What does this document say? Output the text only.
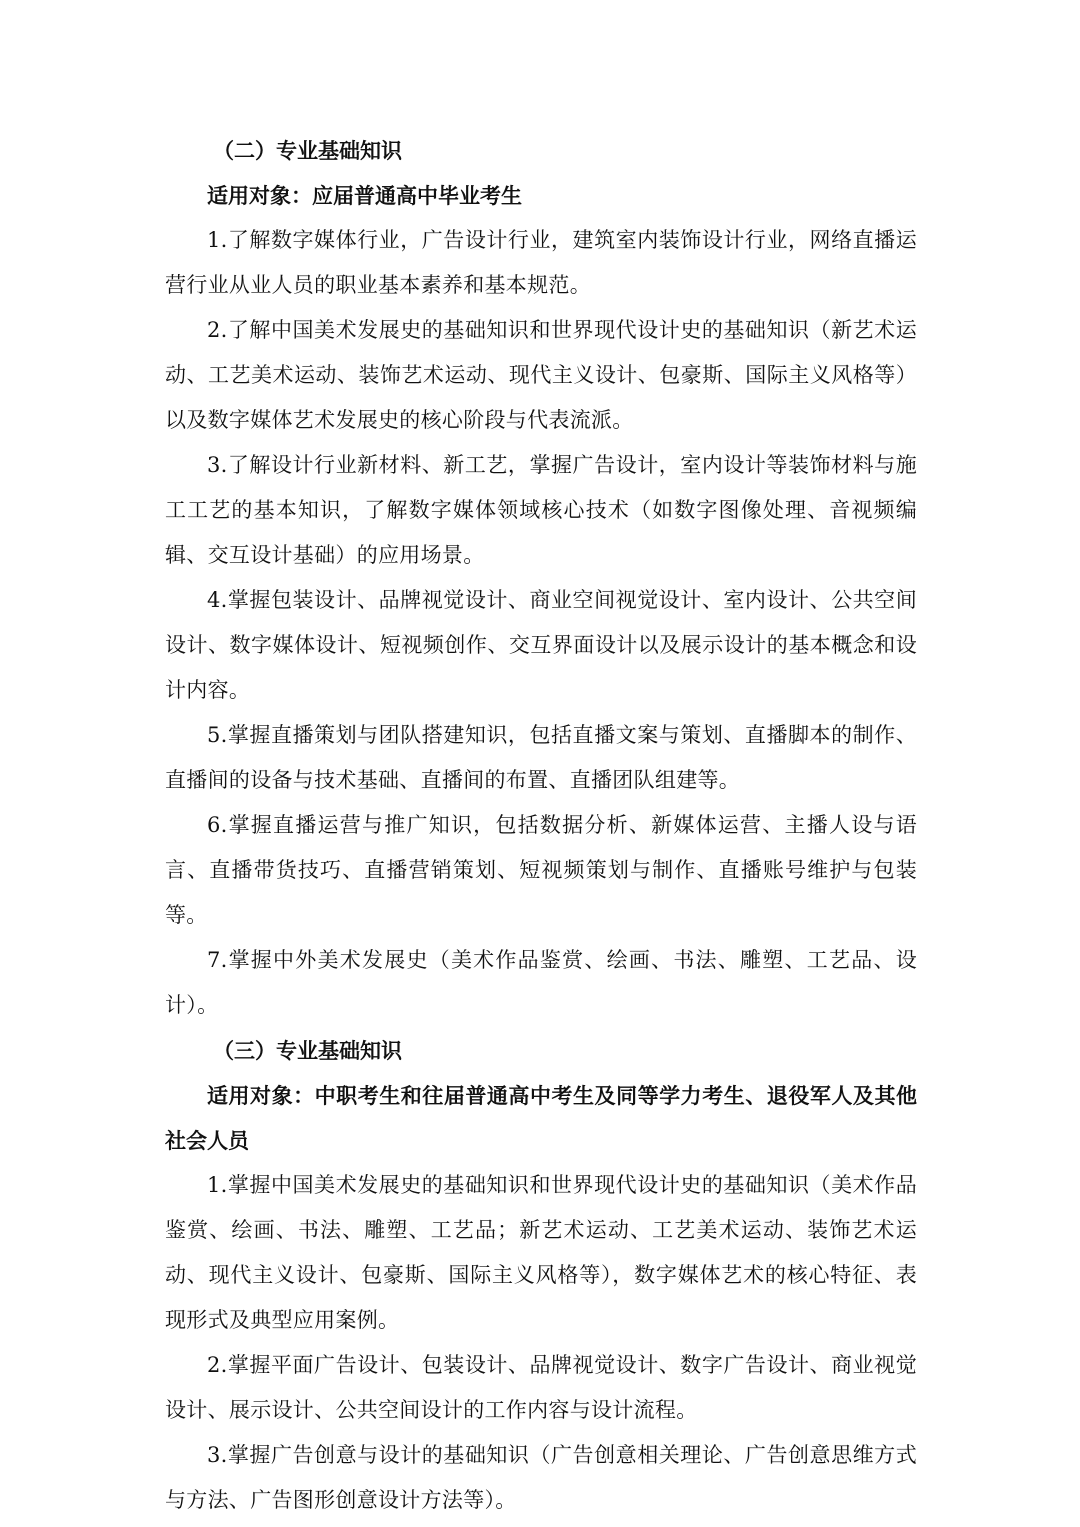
（二）专业基础知识

适用对象：应届普通高中毕业考生

1.了解数字媒体行业，广告设计行业，建筑室内装饰设计行业，网络直播运营行业从业人员的职业基本素养和基本规范。

2.了解中国美术发展史的基础知识和世界现代设计史的基础知识（新艺术运动、工艺美术运动、装饰艺术运动、现代主义设计、包豪斯、国际主义风格等）以及数字媒体艺术发展史的核心阶段与代表流派。

3.了解设计行业新材料、新工艺，掌握广告设计，室内设计等装饰材料与施工工艺的基本知识，了解数字媒体领域核心技术（如数字图像处理、音视频编辑、交互设计基础）的应用场景。

4.掌握包装设计、品牌视觉设计、商业空间视觉设计、室内设计、公共空间设计、数字媒体设计、短视频创作、交互界面设计以及展示设计的基本概念和设计内容。

5.掌握直播策划与团队搭建知识，包括直播文案与策划、直播脚本的制作、直播间的设备与技术基础、直播间的布置、直播团队组建等。

6.掌握直播运营与推广知识，包括数据分析、新媒体运营、主播人设与语言、直播带货技巧、直播营销策划、短视频策划与制作、直播账号维护与包装等。

7.掌握中外美术发展史（美术作品鉴赏、绘画、书法、雕塑、工艺品、设计）。

（三）专业基础知识

适用对象：中职考生和往届普通高中考生及同等学力考生、退役军人及其他社会人员

1.掌握中国美术发展史的基础知识和世界现代设计史的基础知识（美术作品鉴赏、绘画、书法、雕塑、工艺品；新艺术运动、工艺美术运动、装饰艺术运动、现代主义设计、包豪斯、国际主义风格等），数字媒体艺术的核心特征、表现形式及典型应用案例。

2.掌握平面广告设计、包装设计、品牌视觉设计、数字广告设计、商业视觉设计、展示设计、公共空间设计的工作内容与设计流程。

3.掌握广告创意与设计的基础知识（广告创意相关理论、广告创意思维方式与方法、广告图形创意设计方法等）。
